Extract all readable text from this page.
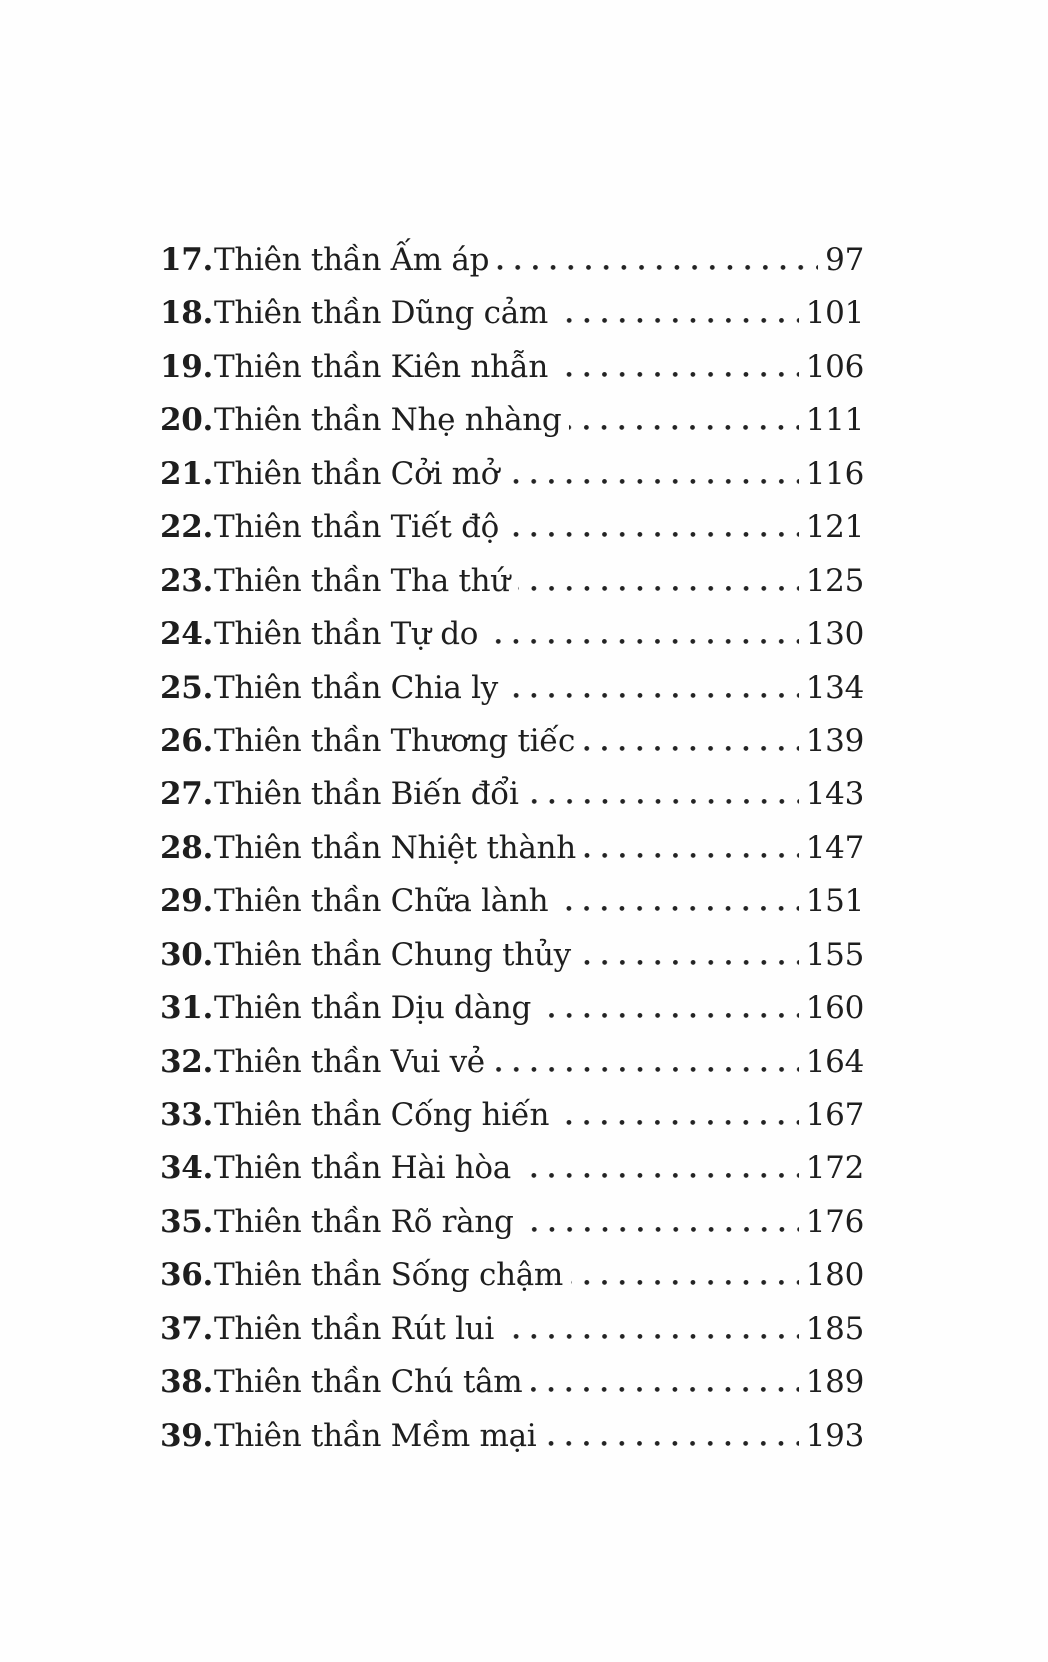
17. Thiên thần Ấm áp	97
18. Thiên thần Dũng cảm	101
19. Thiên thần Kiên nhẫn	106
20. Thiên thần Nhẹ nhàng	111
21. Thiên thần Cởi mở	116
22. Thiên thần Tiết độ	121
23. Thiên thần Tha thứ	125
24. Thiên thần Tự do	130
25. Thiên thần Chia ly	134
26. Thiên thần Thương tiếc	139
27. Thiên thần Biến đổi	143
28. Thiên thần Nhiệt thành	147
29. Thiên thần Chữa lành	151
30. Thiên thần Chung thủy	155
31. Thiên thần Dịu dàng	160
32. Thiên thần Vui vẻ	164
33. Thiên thần Cống hiến	167
34. Thiên thần Hài hòa	172
35. Thiên thần Rõ ràng	176
36. Thiên thần Sống chậm	180
37. Thiên thần Rút lui	185
38. Thiên thần Chú tâm	189
39. Thiên thần Mềm mại	193
